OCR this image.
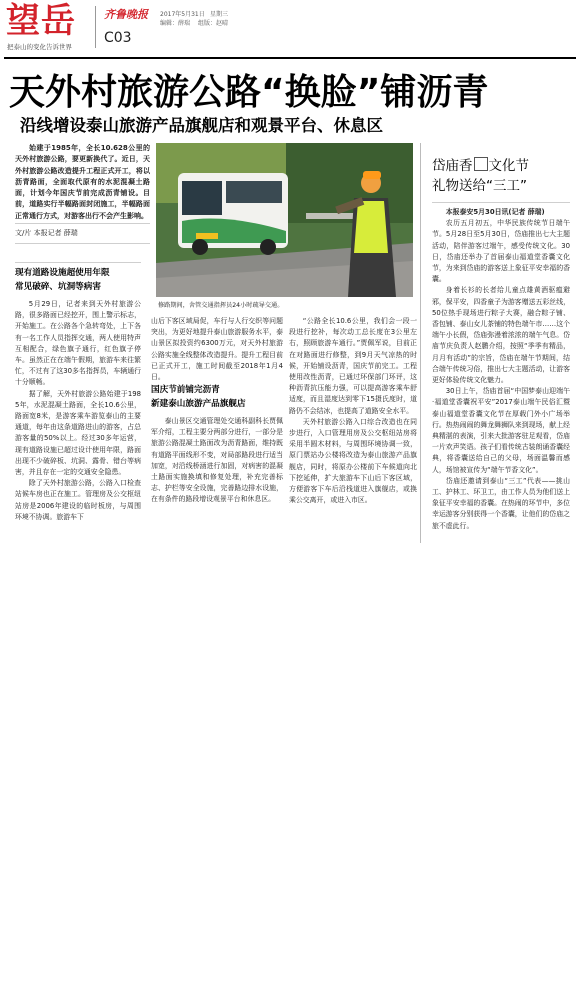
望岳
把泰山的变化告诉世界
齐鲁晚报 2017年5月31日 星期三
编辑：薛瑞 组版：赵晴
C03
天外村旅游公路“换脸”铺沥青
沿线增设泰山旅游产品旗舰店和观景平台、休息区

始建于1985年，全长10.628公里的天外村旅游公路，要更新换代了。近日，天外村旅游公路改造提升工程正式开工，将以沥青路面，全面取代原有的水泥混凝土路面，计划今年国庆节前完成沥青铺设。目前，道路实行半幅路面封闭施工，半幅路面正常通行方式，对游客出行不会产生影响。

文/片 本报记者 薛瑞
修路期间，舍管交通指挥员24小时疏导交通。
现有道路设施超使用年限
常见破碎、坑洞等病害

5月29日，记者来到天外村旅游公路，很多路面已经挖开，围上警示标志，开始施工。在公路各个急转弯处，上下各有一名工作人员指挥交通，两人使用特声互相配合，绿色旗子通行，红色旗子停车。虽然正在在端午假期，旅游车来往繁忙，不过有了这30多名指挥员，车辆通行十分顺畅。

据了解，天外村旅游公路始建于1985年，水泥混凝土路面，全长10.6公里，路面宽8米，是游客乘车游览泰山的主要通道，每年由这条道路进山的游客，占总游客量的50%以上。经过30多年运营，现有道路设施已超过设计使用年限，路面出现不少破碎板、坑洞、露骨、错台等病害，并且存在一定的交通安全隐患。

除了天外村旅游公路，公路入口检查站候车房也正在施工。管理房及公交枢纽站房是2006年建设的临时板房，与周围环境不协调。旅游车下

山后下客区域局促，车行与人行交织等问题突出，为更好地提升泰山旅游服务水平，泰山景区拟投资约6300万元，对天外村旅游公路实施全线整体改造提升。提升工程目前已正式开工，施工时间截至2018年1月4日。

国庆节前铺完沥青
新建泰山旅游产品旗舰店

泰山景区交通管理处交通科副科长贾佩军介绍，工程主要分两部分进行，一部分是旅游公路混凝土路面改为沥青路面，维持既有道路平面线形不变，对局部路段进行适当加宽，对沿线桥涵进行加固，对病害的混凝土路面实施换填和修复处理，补充完善标志、护栏等安全设施，完善路边排水设施，在有条件的路段增设观景平台和休息区。

“公路全长10.6公里，我们会一段一段进行挖补，每次动工总长度在3公里左右，照顾旅游车通行。”贾佩军说，目前正在对路面进行修整，到9月天气凉热的时候，开始铺设沥青，国庆节前完工。工程使用改性沥青，已通过环保部门环评，这种沥青抗压能力强，可以提高游客乘车舒适度，而且湿度达到零下15摄氏度时，道路仍不会结冰，也提高了道路安全水平。

天外村旅游公路入口综合改造也在同步进行，入口管理用房及公交枢纽站房将采用半圆木材料，与周围环境协调一致，原门票站办公楼将改造为泰山旅游产品旗舰店，同时，将原办公楼前下车候道向北下挖延伸，扩大旅游车下山后下客区域，方便游客下车后沿栈道进入旗舰店，或换乘公交离开，或进入市区。

岱庙香 文化节
礼物送给“三工”

本报泰安5月30日讯(记者 薛瑞)

农历五月初五，中华民族传统节日端午节。5月28日至5月30日，岱庙推出七大主题活动，陪伴游客过端午，感受传统文化。30日，岱庙还举办了首届泰山福道堂香囊文化节，为来到岱庙的游客送上象征平安幸福的香囊。

身着长衫的长者给儿童点雄黄酒驱瘟避邪，保平安，四香童子为游客赠送五彩丝线，50位热手现场进行粽子大赛，融合粽子铺、香包铺、泰山女儿茶铺的特色端午市……这个端午小长假，岱庙弥漫着浓浓的端午气息。岱庙节庆负责人赵鹏介绍，按照“季季有精品，月月有活动”的宗旨，岱庙在端午节期间，结合端午传统习俗，推出七大主题活动，让游客更好体验传统文化魅力。

30日上午，岱庙首届“中国梦泰山迎端午·福道堂香囊祝平安”2017泰山端午民俗汇暨泰山福道堂香囊文化节在厚载门外小广场举行。热热闹闹的舞龙舞狮队来到现场，献上经典精湛的表演，引来大批游客驻足观看，岱庙一片欢声笑语。孩子们看传统古装朗诵香囊经典，将香囊送给自己的父母，场面温馨而感人，场馆被宣传为“端午节香文化”。

岱庙还邀请到泰山“三工”代表——挑山工、护林工、环卫工，由工作人员为他们送上象征平安幸福的香囊。在热闹的环节中，多位幸运游客分别获得一个香囊，让他们的岱庙之旅不虚此行。
